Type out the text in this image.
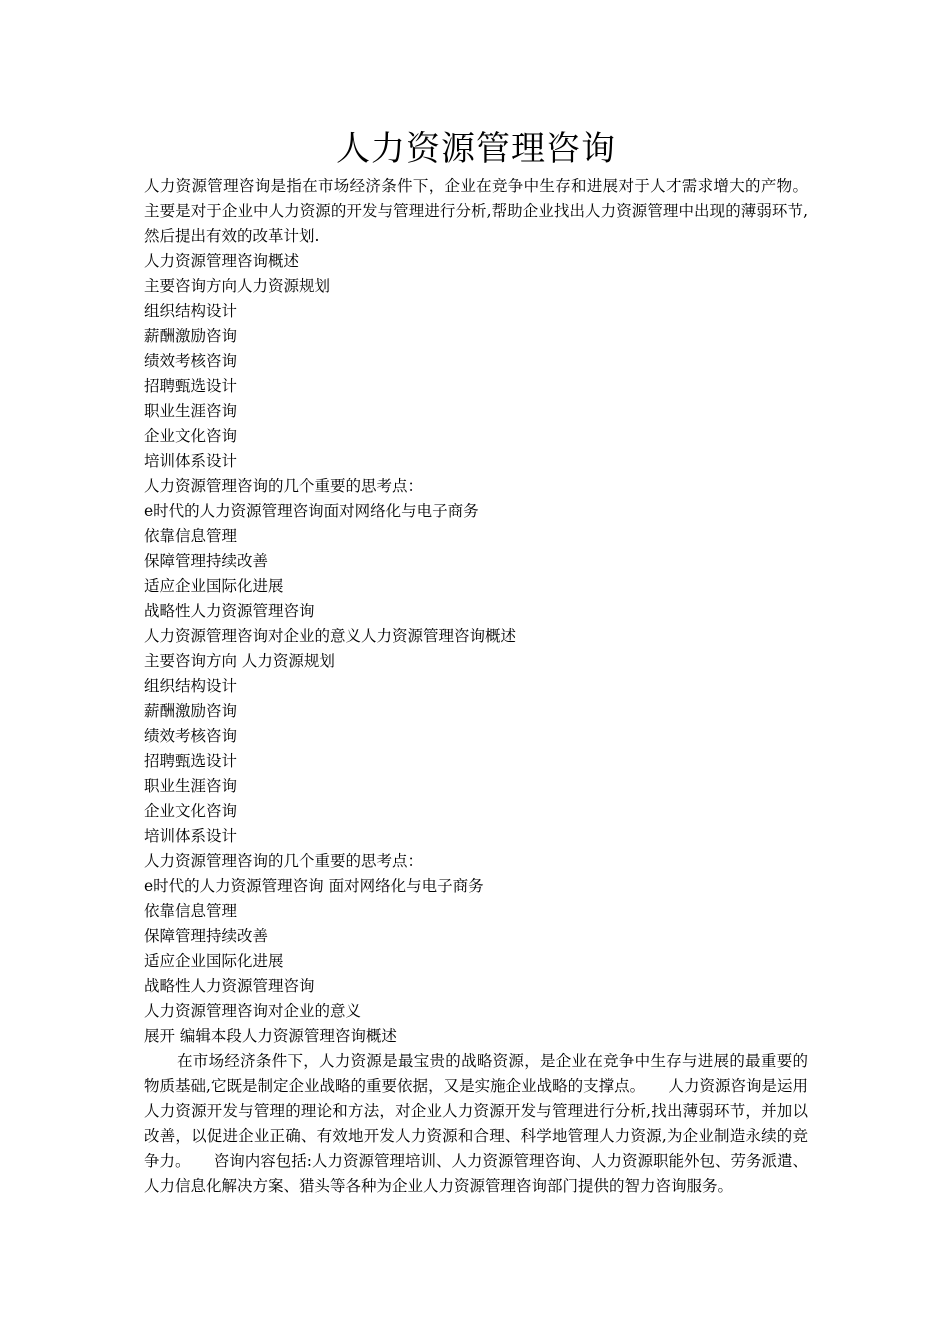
人力资源管理咨询

人力资源管理咨询是指在市场经济条件下，企业在竞争中生存和进展对于人才需求增大的产物。主要是对于企业中人力资源的开发与管理进行分析,帮助企业找出人力资源管理中出现的薄弱环节,然后提出有效的改革计划.

人力资源管理咨询概述

主要咨询方向人力资源规划

组织结构设计

薪酬激励咨询

绩效考核咨询

招聘甄选设计

职业生涯咨询

企业文化咨询

培训体系设计

人力资源管理咨询的几个重要的思考点：

e时代的人力资源管理咨询面对网络化与电子商务

依靠信息管理

保障管理持续改善

适应企业国际化进展

战略性人力资源管理咨询

人力资源管理咨询对企业的意义人力资源管理咨询概述

主要咨询方向 人力资源规划

组织结构设计

薪酬激励咨询

绩效考核咨询

招聘甄选设计

职业生涯咨询

企业文化咨询

培训体系设计

人力资源管理咨询的几个重要的思考点：

e时代的人力资源管理咨询 面对网络化与电子商务

依靠信息管理

保障管理持续改善

适应企业国际化进展

战略性人力资源管理咨询

人力资源管理咨询对企业的意义

展开 编辑本段人力资源管理咨询概述

在市场经济条件下，人力资源是最宝贵的战略资源，是企业在竞争中生存与进展的最重要的物质基础,它既是制定企业战略的重要依据，又是实施企业战略的支撑点。　　人力资源咨询是运用人力资源开发与管理的理论和方法，对企业人力资源开发与管理进行分析,找出薄弱环节，并加以改善，以促进企业正确、有效地开发人力资源和合理、科学地管理人力资源,为企业制造永续的竞争力。　　咨询内容包括:人力资源管理培训、人力资源管理咨询、人力资源职能外包、劳务派遣、人力信息化解决方案、猎头等各种为企业人力资源管理咨询部门提供的智力咨询服务。
